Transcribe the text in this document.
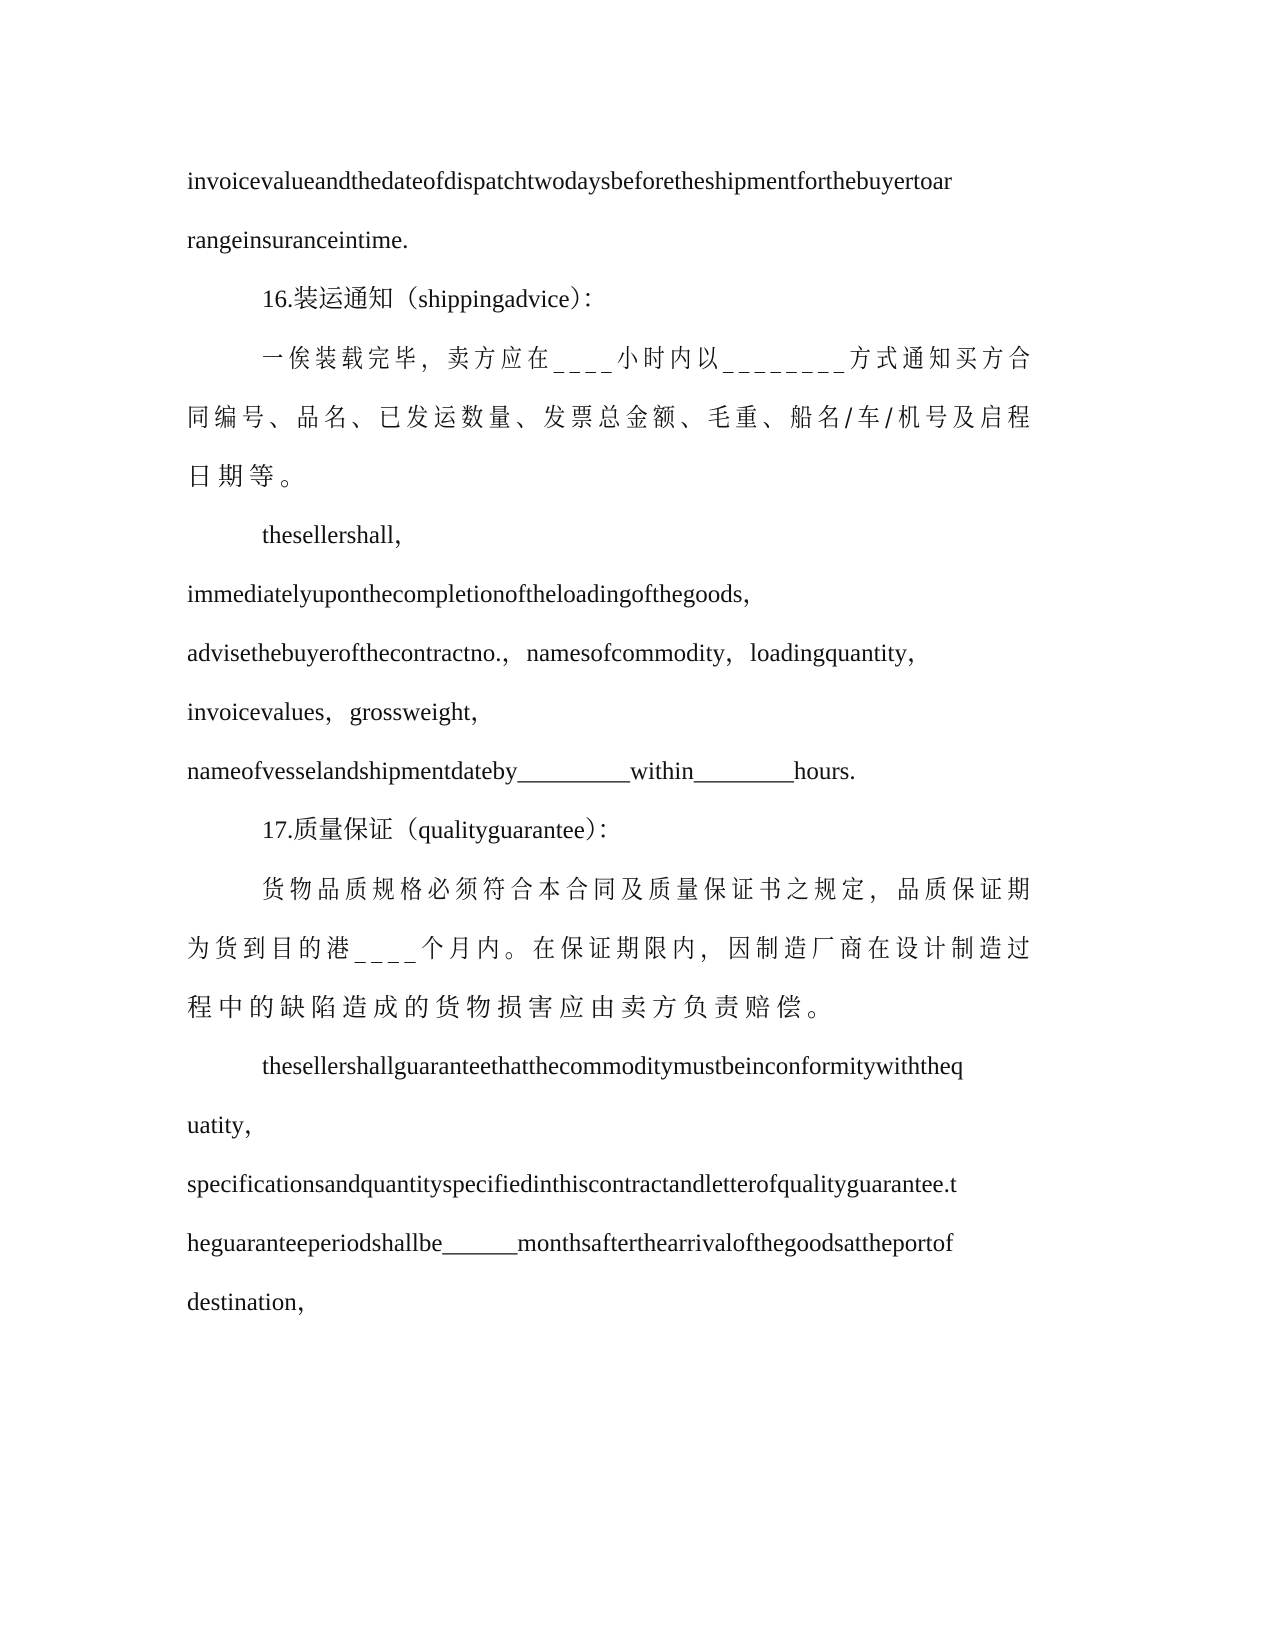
invoicevalueandthedateofdispatchtwodaysbeforetheshipmentforthebuyertoar
rangeinsuranceintime.
16.装运通知（shippingadvice）：
一俟装载完毕，卖方应在____小时内以________方式通知买方合
同编号、品名、已发运数量、发票总金额、毛重、船名/车/机号及启程
日期等。
thesellershall，
immediatelyuponthecompletionoftheloadingofthegoods，
advisethebuyerofthecontractno.，namesofcommodity，loadingquantity，
invoicevalues，grossweight，
nameofvesselandshipmentdateby_________within________hours.
17.质量保证（qualityguarantee）：
货物品质规格必须符合本合同及质量保证书之规定，品质保证期
为货到目的港____个月内。在保证期限内，因制造厂商在设计制造过
程中的缺陷造成的货物损害应由卖方负责赔偿。
thesellershallguaranteethatthecommoditymustbeinconformitywiththeq
uatity，
specificationsandquantityspecifiedinthiscontractandletterofqualityguarantee.t
heguaranteeperiodshallbe______monthsafterthearrivalofthegoodsattheportof
destination，
